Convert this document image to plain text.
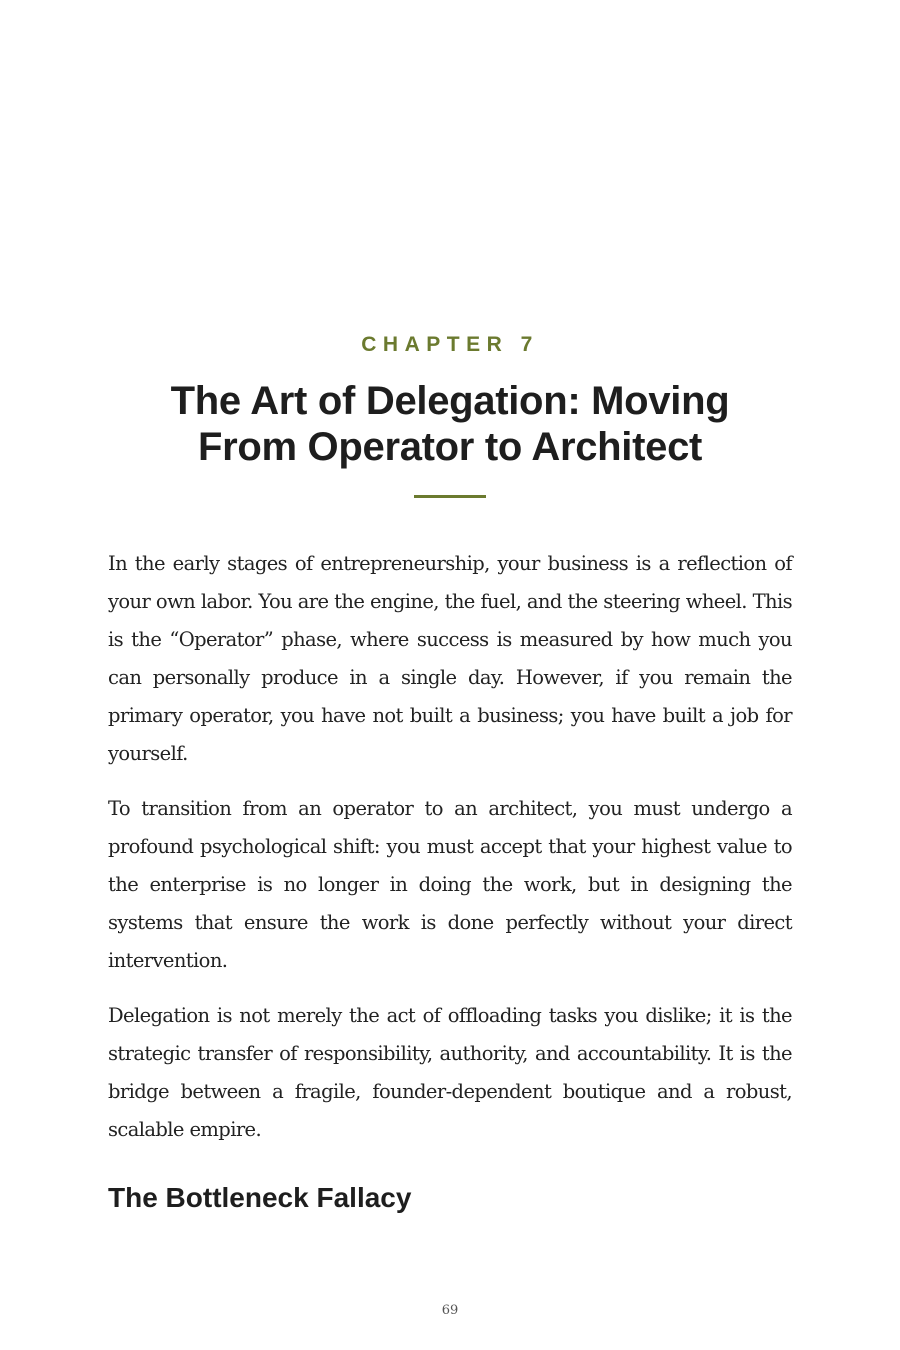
CHAPTER 7
The Art of Delegation: Moving
From Operator to Architect

In the early stages of entrepreneurship, your business is a reflection of your own labor. You are the engine, the fuel, and the steering wheel. This is the “Operator” phase, where success is measured by how much you can personally produce in a single day. However, if you remain the primary operator, you have not built a business; you have built a job for yourself.

To transition from an operator to an architect, you must undergo a profound psychological shift: you must accept that your highest value to the enterprise is no longer in doing the work, but in designing the systems that ensure the work is done perfectly without your direct intervention.

Delegation is not merely the act of offloading tasks you dislike; it is the strategic transfer of responsibility, authority, and accountability. It is the bridge between a fragile, founder-dependent boutique and a robust, scalable empire.

The Bottleneck Fallacy
69
